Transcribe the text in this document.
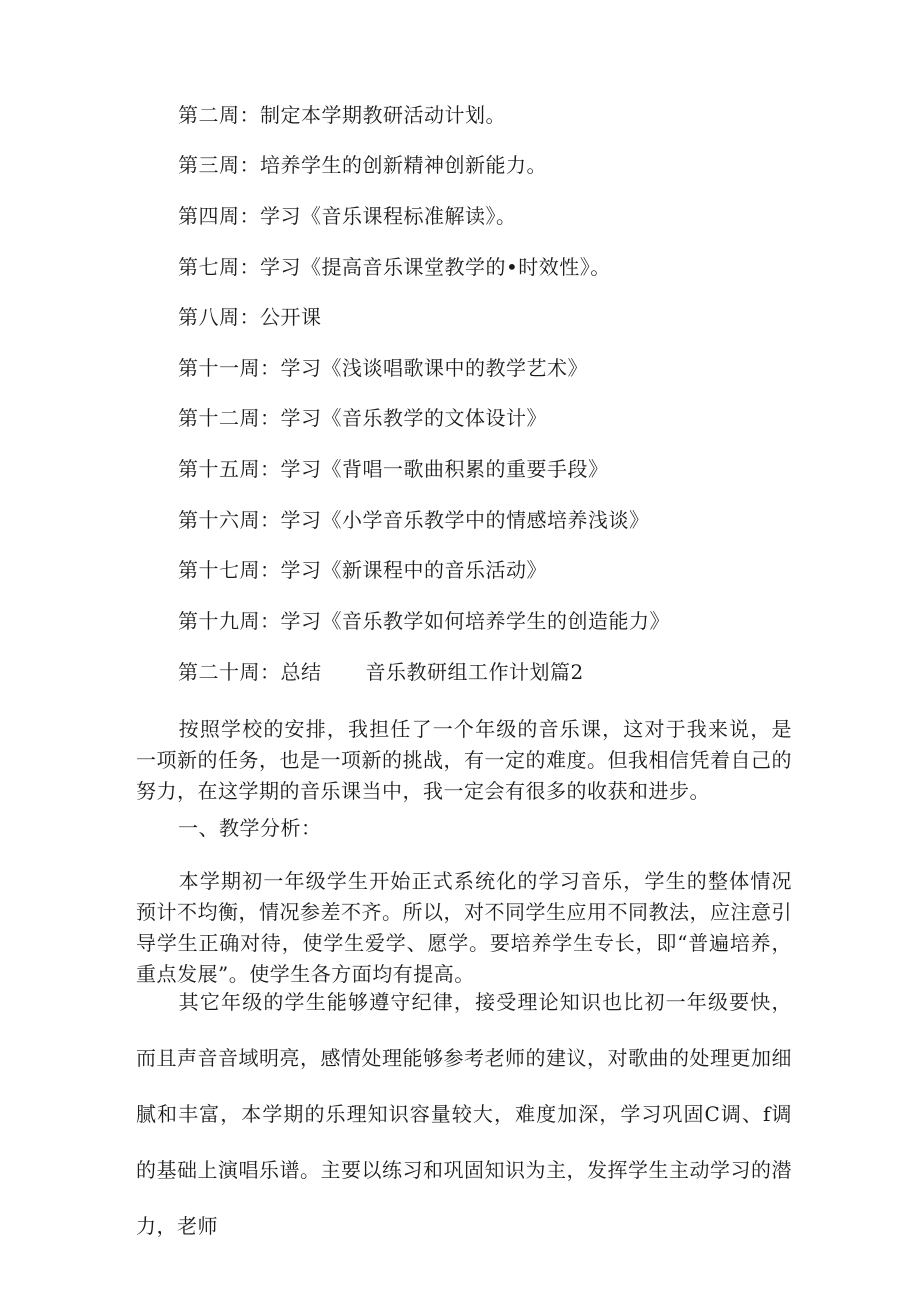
第二周：制定本学期教研活动计划。
第三周：培养学生的创新精神创新能力。
第四周：学习《音乐课程标准解读》。
第七周：学习《提高音乐课堂教学的•时效性》。
第八周：公开课
第十一周：学习《浅谈唱歌课中的教学艺术》
第十二周：学习《音乐教学的文体设计》
第十五周：学习《背唱一歌曲积累的重要手段》
第十六周：学习《小学音乐教学中的情感培养浅谈》
第十七周：学习《新课程中的音乐活动》
第十九周：学习《音乐教学如何培养学生的创造能力》
第二十周：总结 音乐教研组工作计划篇2
按照学校的安排，我担任了一个年级的音乐课，这对于我来说，是一项新的任务，也是一项新的挑战，有一定的难度。但我相信凭着自己的努力，在这学期的音乐课当中，我一定会有很多的收获和进步。
一、教学分析：
本学期初一年级学生开始正式系统化的学习音乐，学生的整体情况预计不均衡，情况参差不齐。所以，对不同学生应用不同教法，应注意引导学生正确对待，使学生爱学、愿学。要培养学生专长，即“普遍培养，重点发展”。使学生各方面均有提高。
其它年级的学生能够遵守纪律，接受理论知识也比初一年级要快，而且声音音域明亮，感情处理能够参考老师的建议，对歌曲的处理更加细腻和丰富，本学期的乐理知识容量较大，难度加深，学习巩固C调、f调的基础上演唱乐谱。主要以练习和巩固知识为主，发挥学生主动学习的潜力，老师
